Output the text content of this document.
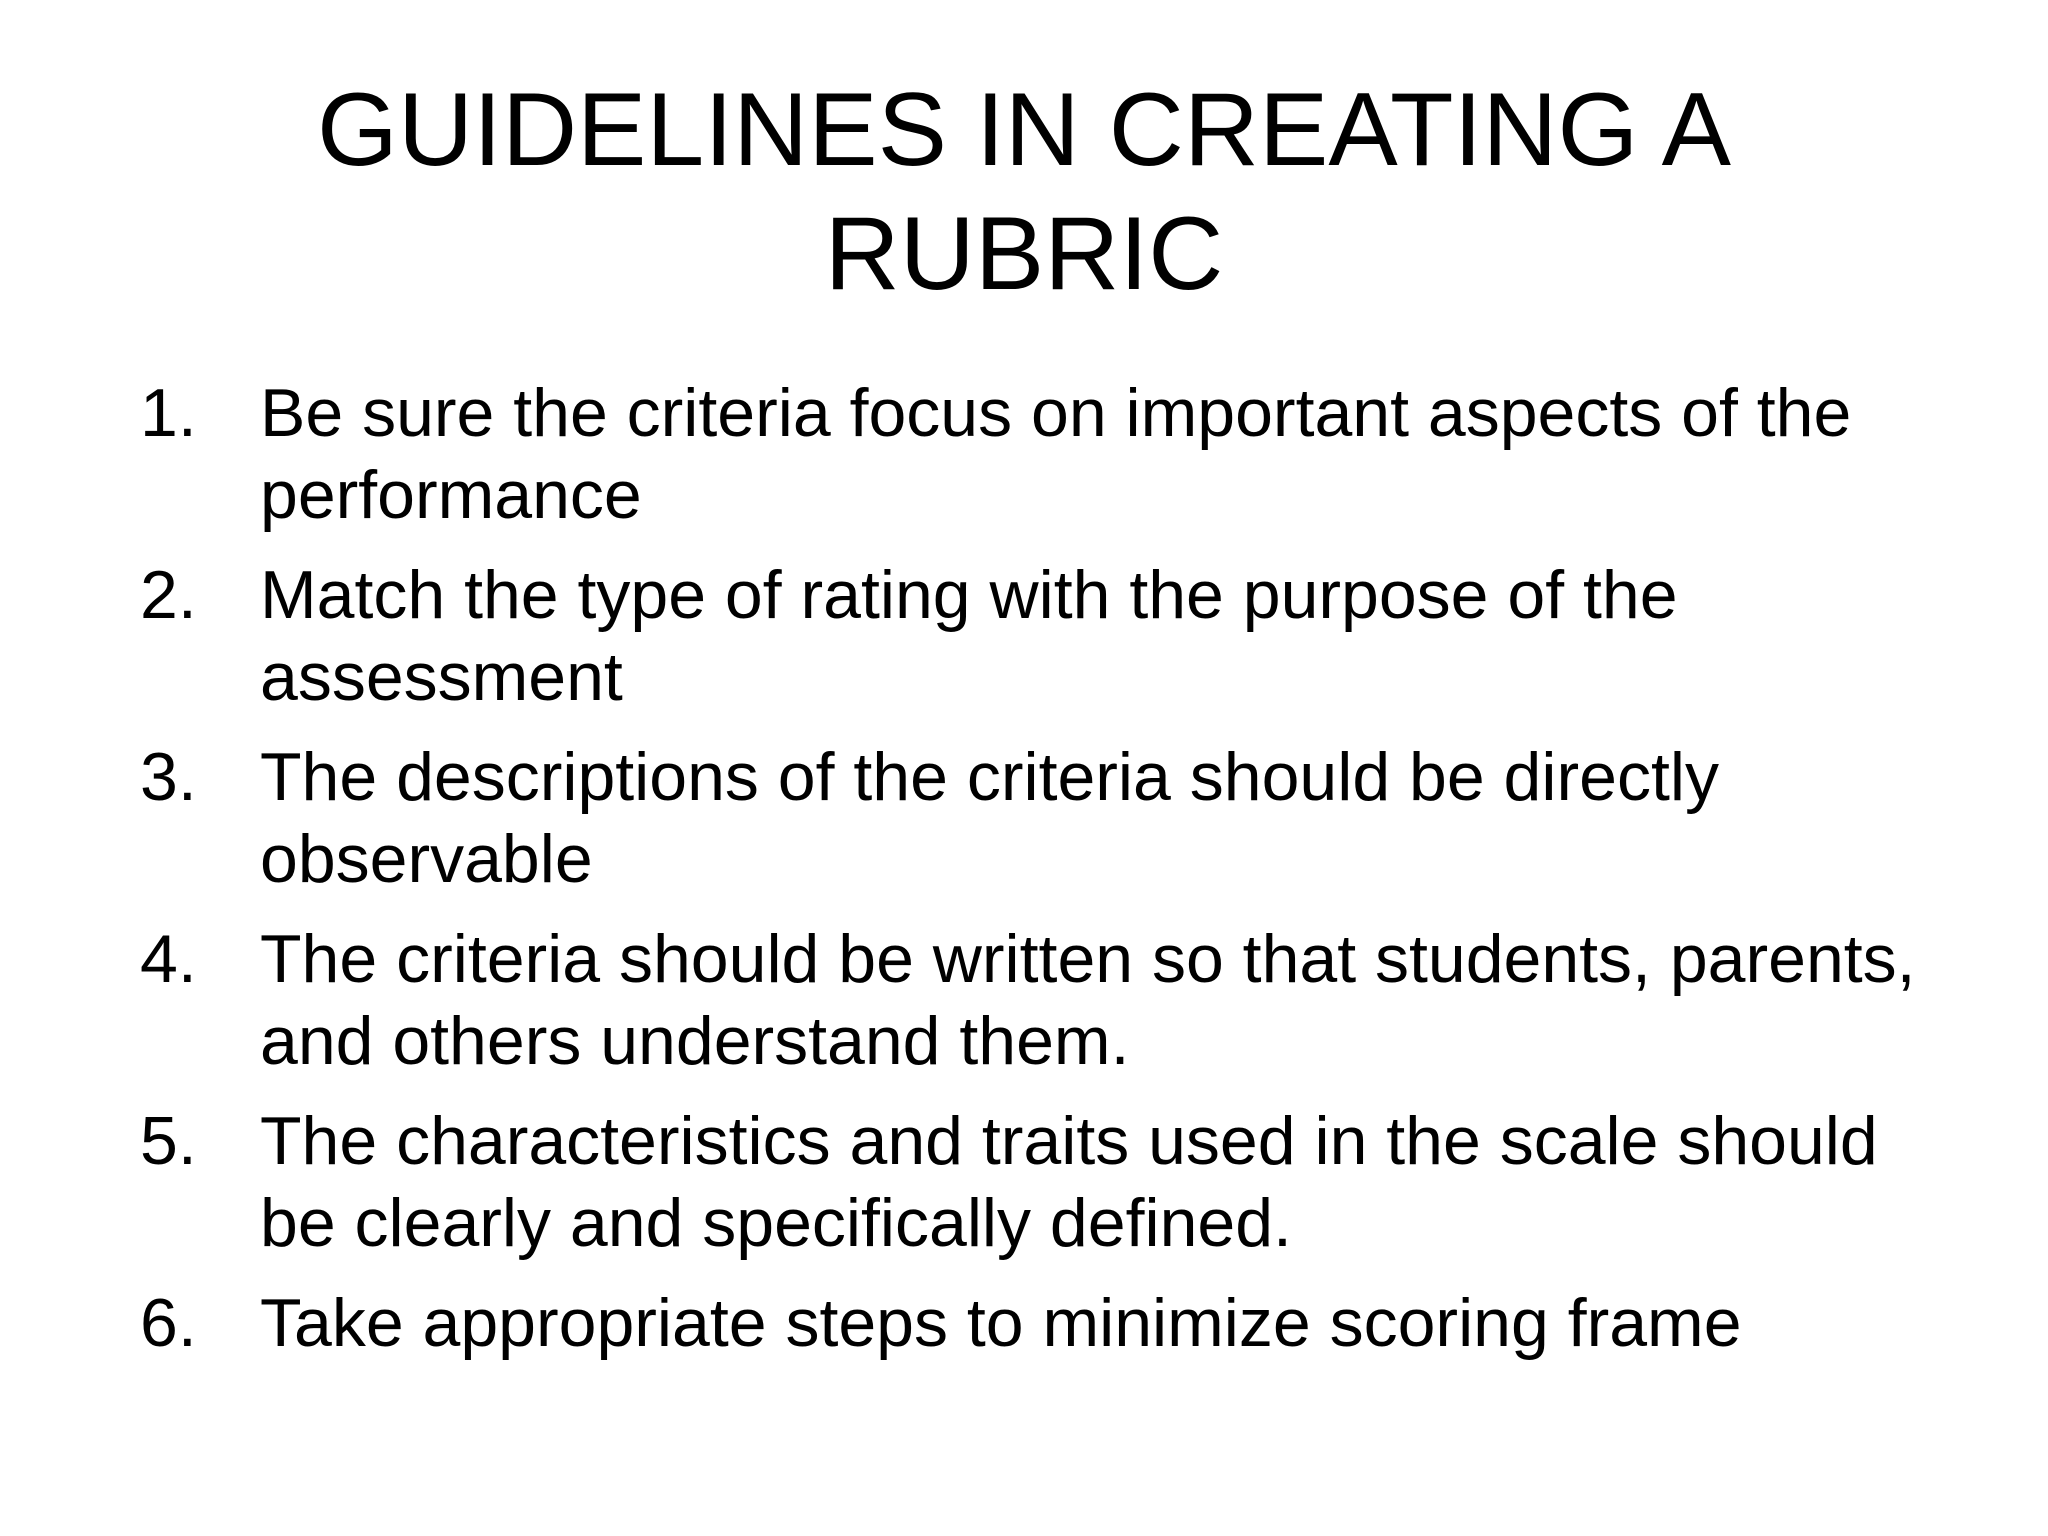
GUIDELINES IN CREATING A RUBRIC
1. Be sure the criteria focus on important aspects of the performance
2. Match the type of rating with the purpose of the assessment
3. The descriptions of the criteria should be directly observable
4. The criteria should be written so that students, parents, and others understand them.
5. The characteristics and traits used in the scale should be clearly and specifically defined.
6. Take appropriate steps to minimize scoring frame
